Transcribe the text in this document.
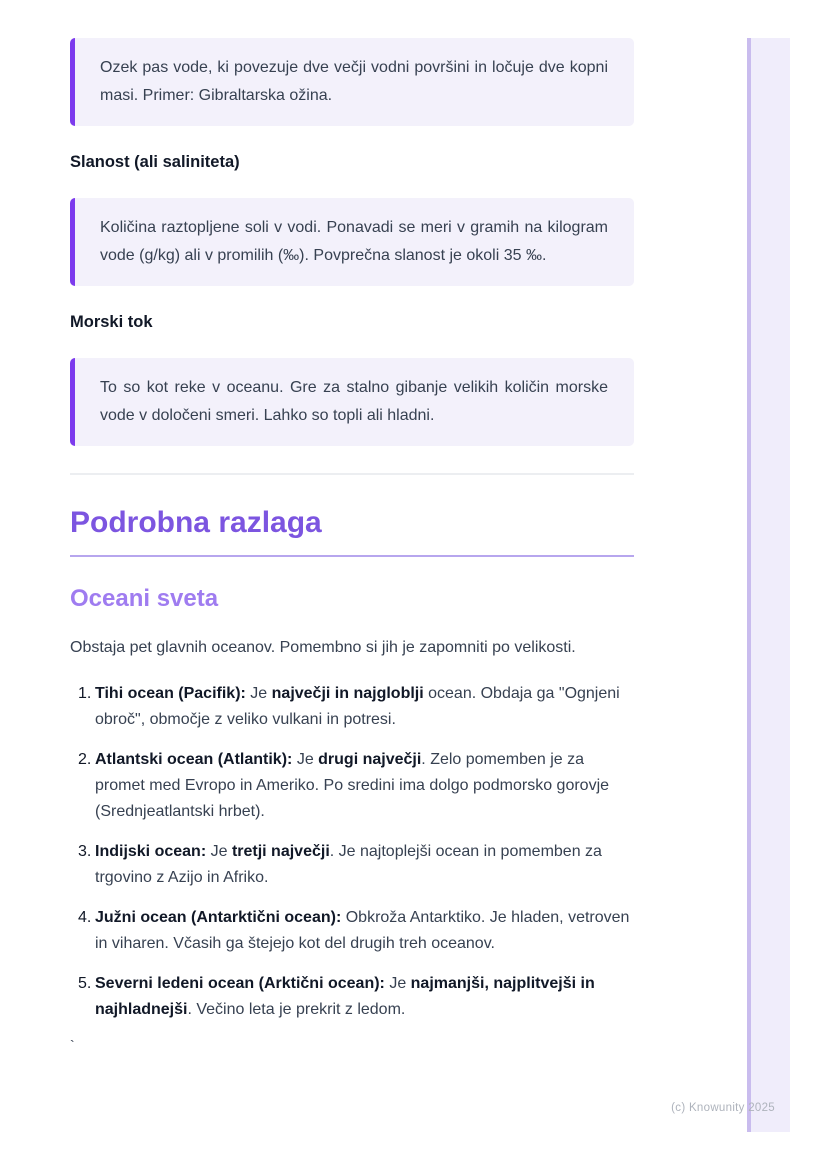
Ozek pas vode, ki povezuje dve večji vodni površini in ločuje dve kopni masi. Primer: Gibraltarska ožina.
Slanost (ali saliniteta)
Količina raztopljene soli v vodi. Ponavadi se meri v gramih na kilogram vode (g/kg) ali v promilih (‰). Povprečna slanost je okoli 35 ‰.
Morski tok
To so kot reke v oceanu. Gre za stalno gibanje velikih količin morske vode v določeni smeri. Lahko so topli ali hladni.
Podrobna razlaga
Oceani sveta

Obstaja pet glavnih oceanov. Pomembno si jih je zapomniti po velikosti.

1. Tihi ocean (Pacifik): Je največji in najgloblji ocean. Obdaja ga "Ognjeni obroč", območje z veliko vulkani in potresi.
2. Atlantski ocean (Atlantik): Je drugi največji. Zelo pomemben je za promet med Evropo in Ameriko. Po sredini ima dolgo podmorsko gorovje (Srednjeatlantski hrbet).
3. Indijski ocean: Je tretji največji. Je najtoplejši ocean in pomemben za trgovino z Azijo in Afriko.
4. Južni ocean (Antarktični ocean): Obkroža Antarktiko. Je hladen, vetroven in viharen. Včasih ga štejejo kot del drugih treh oceanov.
5. Severni ledeni ocean (Arktični ocean): Je najmanjši, najplitvejši in najhladnejši. Večino leta je prekrit z ledom.
`
(c) Knowunity 2025
